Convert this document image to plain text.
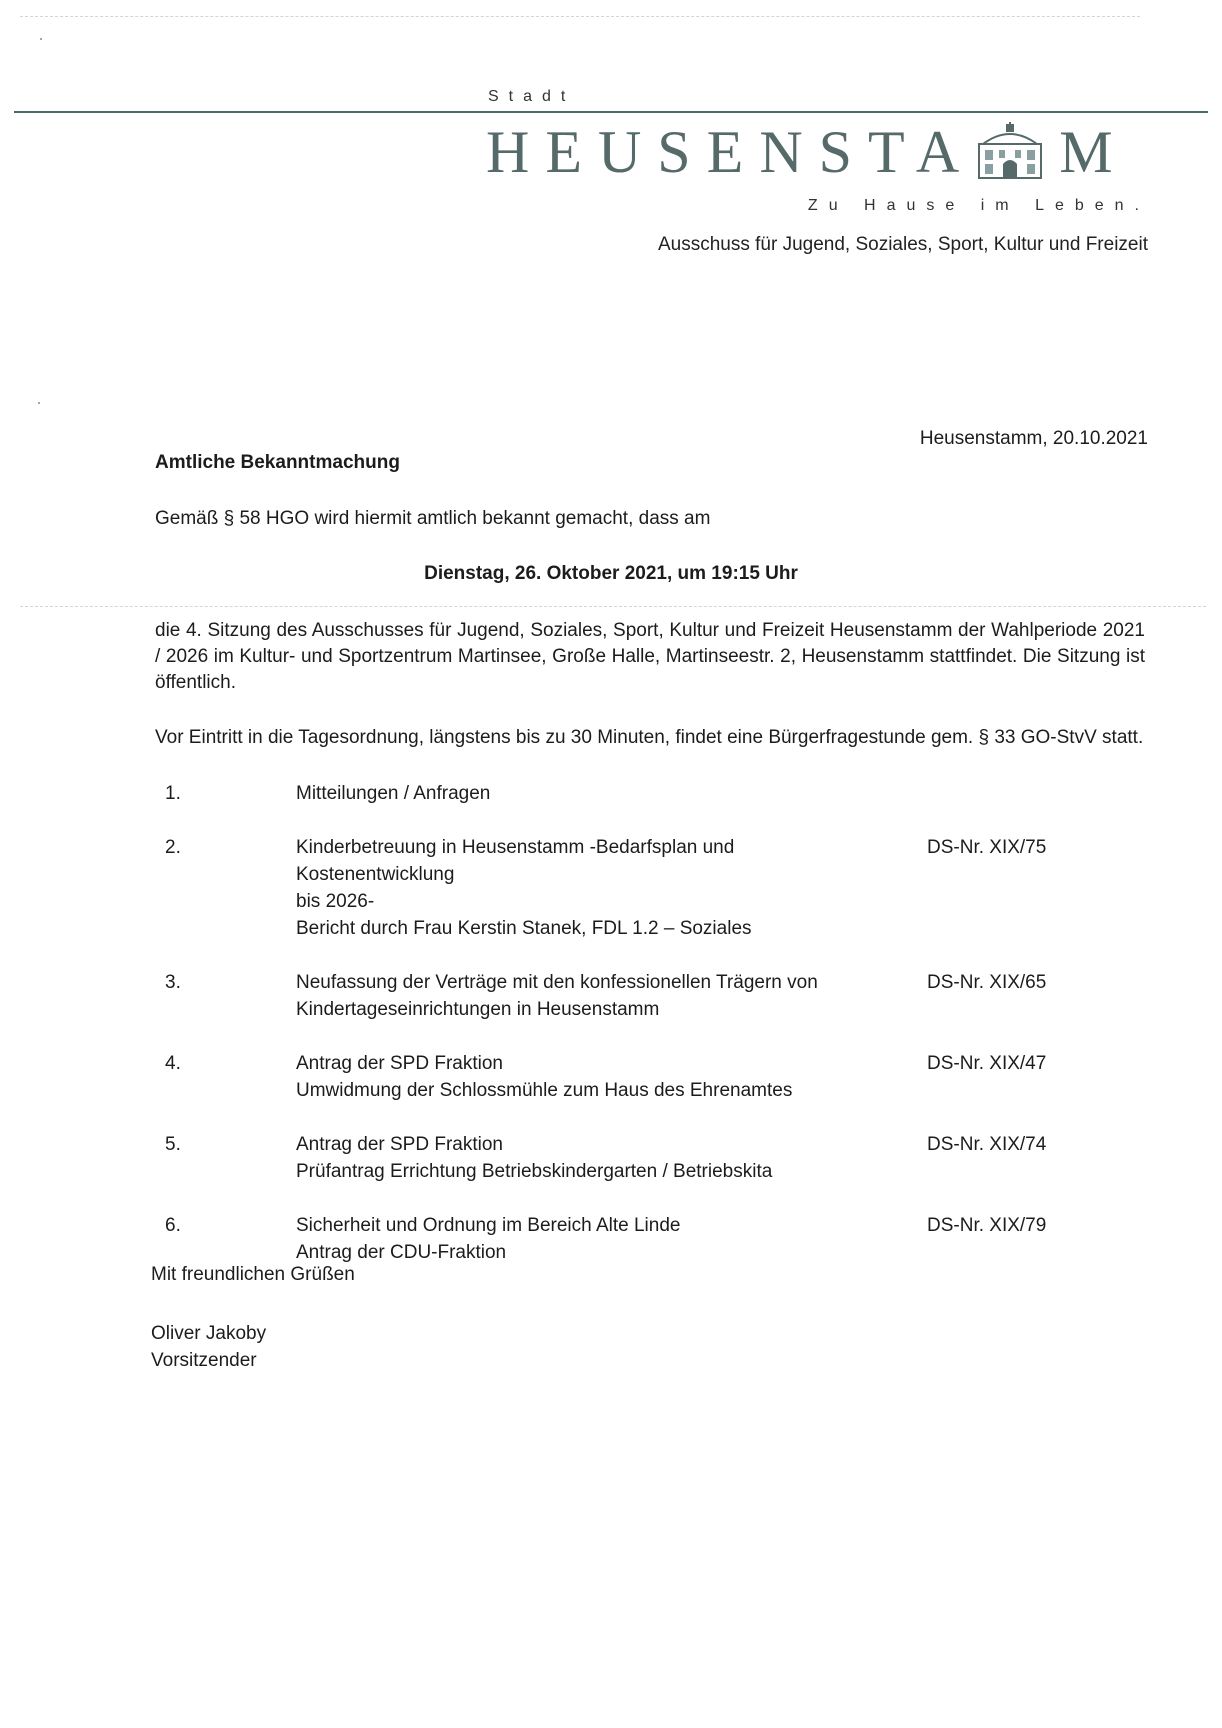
Stadt
HEUSENSTA M
Zu Hause im Leben.
Ausschuss für Jugend, Soziales, Sport, Kultur und Freizeit
Heusenstamm, 20.10.2021
Amtliche Bekanntmachung
Gemäß § 58 HGO wird hiermit amtlich bekannt gemacht, dass am
Dienstag, 26. Oktober 2021, um 19:15 Uhr
die 4. Sitzung des Ausschusses für Jugend, Soziales, Sport, Kultur und Freizeit Heusenstamm der Wahlperiode 2021 / 2026 im Kultur- und Sportzentrum Martinsee, Große Halle, Martinseestr. 2, Heusenstamm stattfindet. Die Sitzung ist öffentlich.
Vor Eintritt in die Tagesordnung, längstens bis zu 30 Minuten, findet eine Bürgerfragestunde gem. § 33 GO-StvV statt.
1.	Mitteilungen / Anfragen
2.	Kinderbetreuung in Heusenstamm -Bedarfsplan und Kostenentwicklung
bis 2026-
Bericht durch Frau Kerstin Stanek, FDL 1.2 – Soziales
DS-Nr. XIX/75
3.	Neufassung der Verträge mit den konfessionellen Trägern von
Kindertageseinrichtungen in Heusenstamm
DS-Nr. XIX/65
4.	Antrag der SPD Fraktion
Umwidmung der Schlossmühle zum Haus des Ehrenamtes
DS-Nr. XIX/47
5.	Antrag der SPD Fraktion
Prüfantrag Errichtung Betriebskindergarten / Betriebskita
DS-Nr. XIX/74
6.	Sicherheit und Ordnung im Bereich Alte Linde
Antrag der CDU-Fraktion
DS-Nr. XIX/79
Mit freundlichen Grüßen
Oliver Jakoby
Vorsitzender
